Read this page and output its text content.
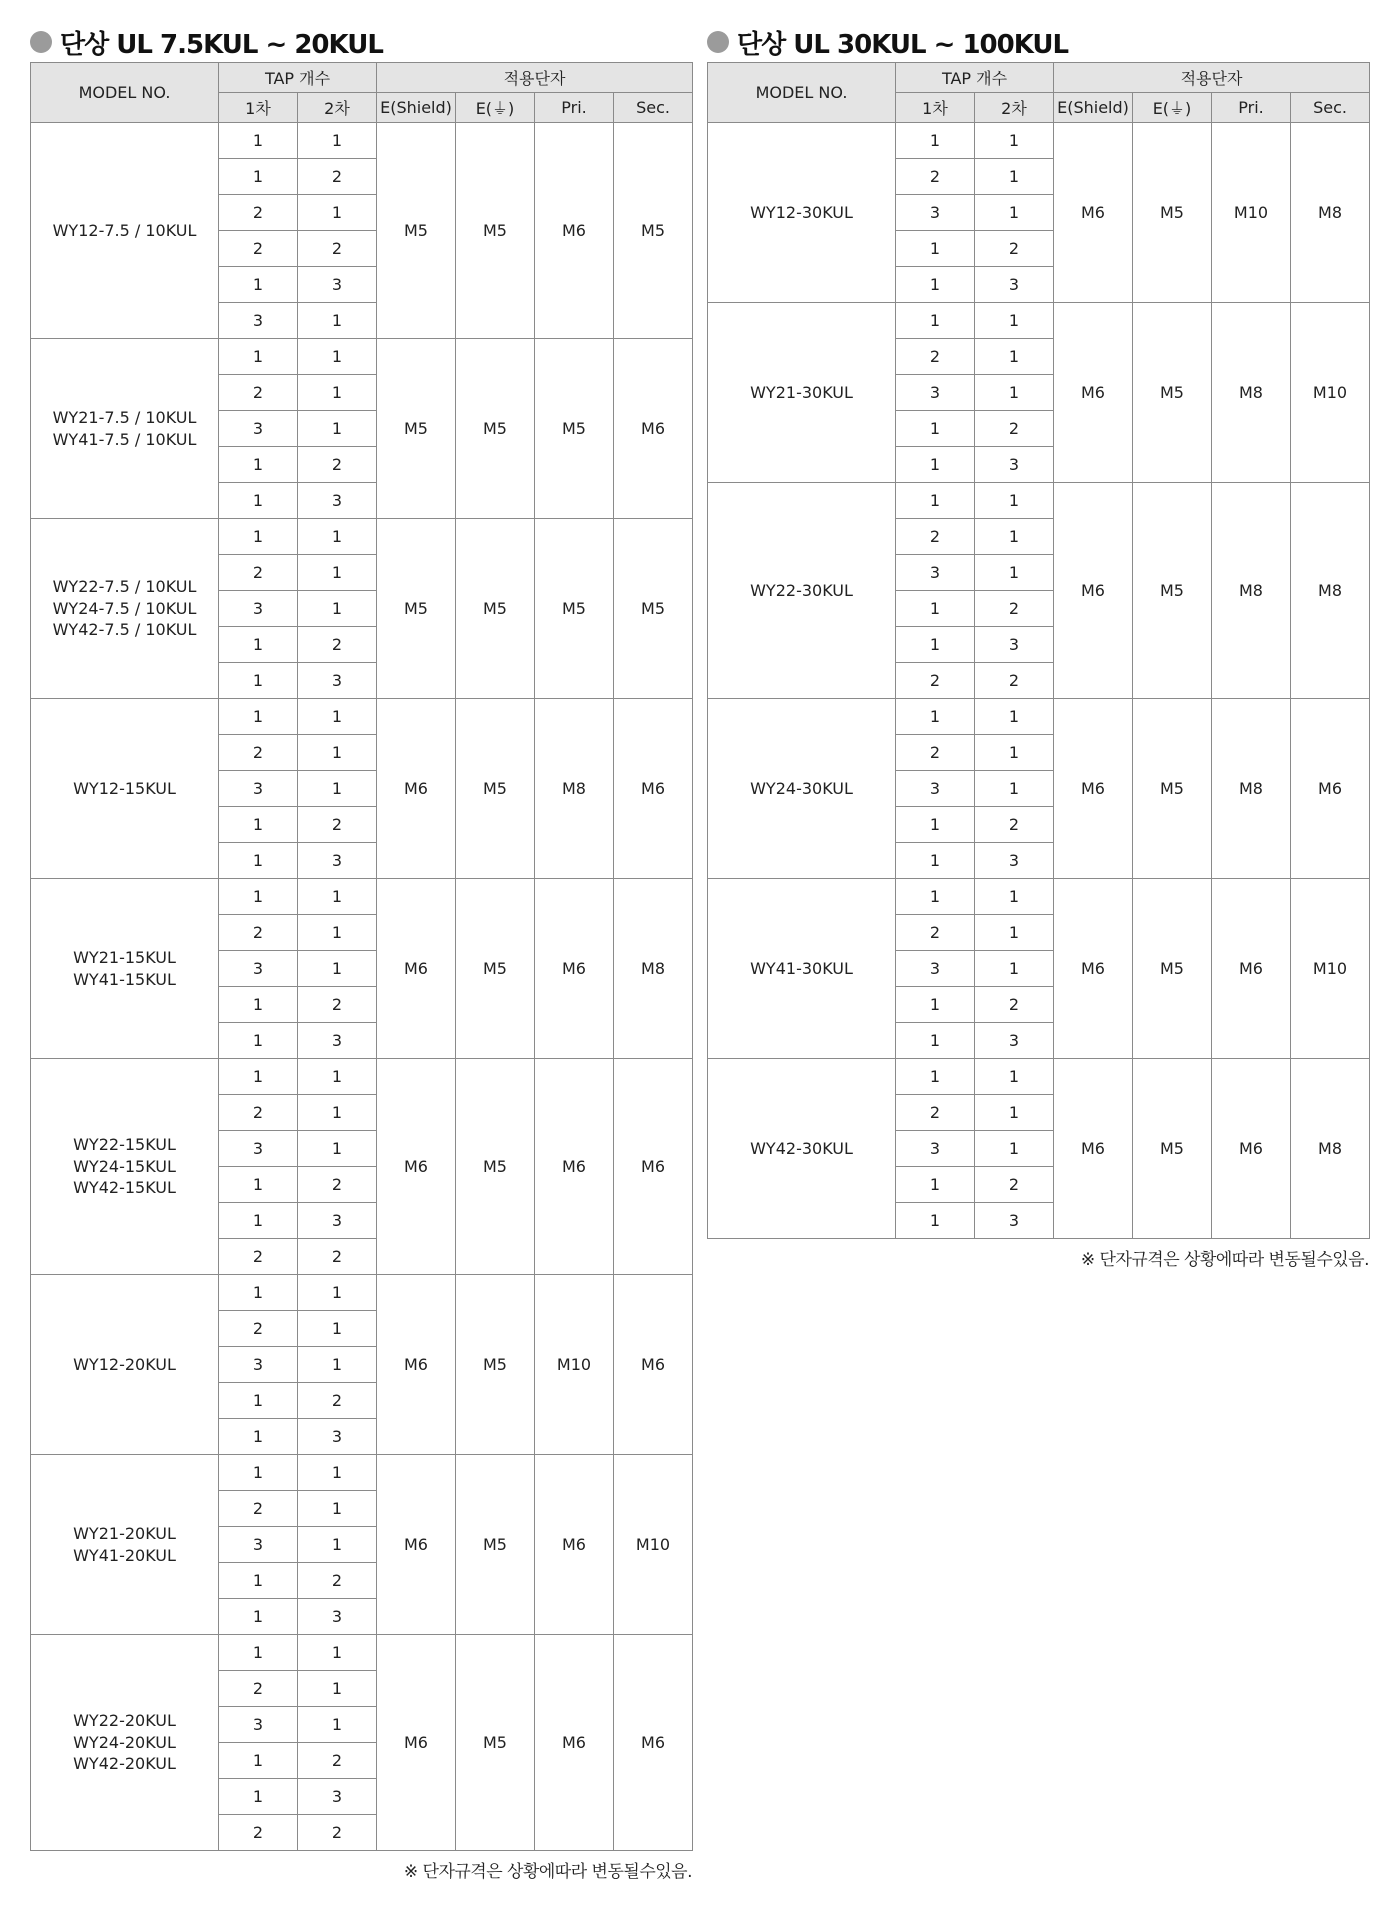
단상 UL 7.5KUL ~ 20KUL
MODEL NO.	TAP 개수		적용단자			
	1차	2차	E(Shield)	E(⏚)	Pri.	Sec.

WY12-7.5 / 10KUL	1	1	M5	M5	M6	M5
	1	2				
	2	1				
	2	2				
	1	3				
	3	1				

WY21-7.5 / 10KUL
WY41-7.5 / 10KUL	1	1	M5	M5	M5	M6
	2	1				
	3	1				
	1	2				
	1	3				

WY22-7.5 / 10KUL
WY24-7.5 / 10KUL
WY42-7.5 / 10KUL	1	1	M5	M5	M5	M5
	2	1				
	3	1				
	1	2				
	1	3				

WY12-15KUL	1	1	M6	M5	M8	M6
	2	1				
	3	1				
	1	2				
	1	3				

WY21-15KUL
WY41-15KUL	1	1	M6	M5	M6	M8
	2	1				
	3	1				
	1	2				
	1	3				

WY22-15KUL
WY24-15KUL
WY42-15KUL	1	1	M6	M5	M6	M6
	2	1				
	3	1				
	1	2				
	1	3				
	2	2				

WY12-20KUL	1	1	M6	M5	M10	M6
	2	1				
	3	1				
	1	2				
	1	3				

WY21-20KUL
WY41-20KUL	1	1	M6	M5	M6	M10
	2	1				
	3	1				
	1	2				
	1	3				

WY22-20KUL
WY24-20KUL
WY42-20KUL	1	1	M6	M5	M6	M6
	2	1				
	3	1				
	1	2				
	1	3				
	2	2				
※ 단자규격은 상황에따라 변동될수있음.
단상 UL 30KUL ~ 100KUL
MODEL NO.	TAP 개수		적용단자			
	1차	2차	E(Shield)	E(⏚)	Pri.	Sec.

WY12-30KUL	1	1	M6	M5	M10	M8
	2	1				
	3	1				
	1	2				
	1	3				

WY21-30KUL	1	1	M6	M5	M8	M10
	2	1				
	3	1				
	1	2				
	1	3				

WY22-30KUL	1	1	M6	M5	M8	M8
	2	1				
	3	1				
	1	2				
	1	3				
	2	2				

WY24-30KUL	1	1	M6	M5	M8	M6
	2	1				
	3	1				
	1	2				
	1	3				

WY41-30KUL	1	1	M6	M5	M6	M10
	2	1				
	3	1				
	1	2				
	1	3				

WY42-30KUL	1	1	M6	M5	M6	M8
	2	1				
	3	1				
	1	2				
	1	3				
※ 단자규격은 상황에따라 변동될수있음.
